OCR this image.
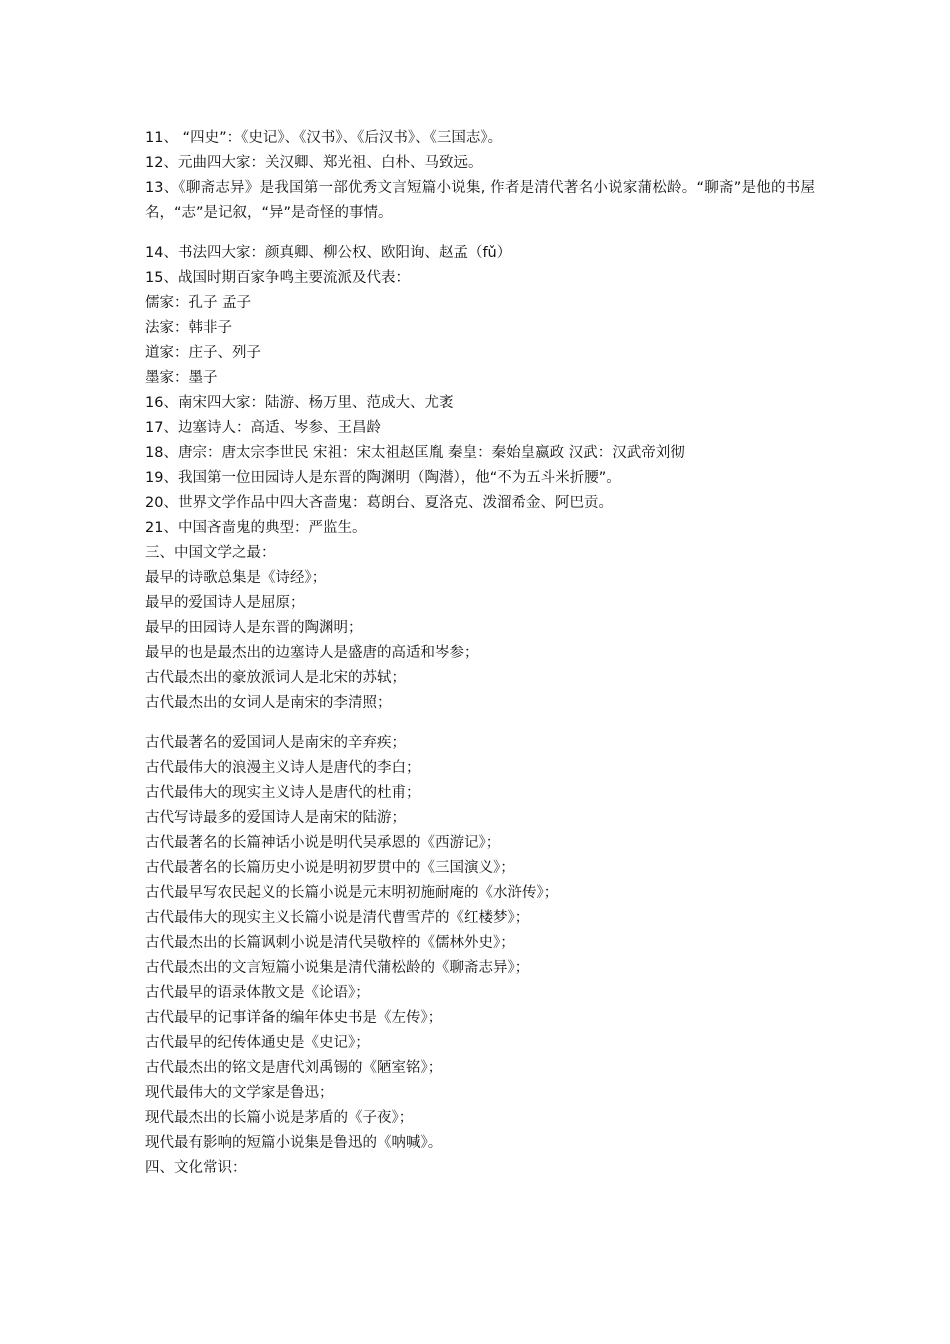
11、 “四史”：《史记》、《汉书》、《后汉书》、《三国志》。

12、元曲四大家：关汉卿、郑光祖、白朴、马致远。

13、《聊斋志异》是我国第一部优秀文言短篇小说集, 作者是清代著名小说家蒲松龄。“聊斋”是他的书屋名，“志”是记叙，“异”是奇怪的事情。

14、书法四大家：颜真卿、柳公权、欧阳询、赵孟（fǔ）

15、战国时期百家争鸣主要流派及代表：

儒家：孔子 孟子

法家：韩非子

道家：庄子、列子

墨家：墨子

16、南宋四大家：陆游、杨万里、范成大、尤袤

17、边塞诗人：高适、岑参、王昌龄

18、唐宗：唐太宗李世民 宋祖：宋太祖赵匡胤 秦皇：秦始皇嬴政 汉武：汉武帝刘彻

19、我国第一位田园诗人是东晋的陶渊明（陶潜），他“不为五斗米折腰”。

20、世界文学作品中四大吝啬鬼：葛朗台、夏洛克、泼溜希金、阿巴贡。

21、中国吝啬鬼的典型：严监生。

三、中国文学之最：

最早的诗歌总集是《诗经》；

最早的爱国诗人是屈原；

最早的田园诗人是东晋的陶渊明；

最早的也是最杰出的边塞诗人是盛唐的高适和岑参；

古代最杰出的豪放派词人是北宋的苏轼；

古代最杰出的女词人是南宋的李清照；

古代最著名的爱国词人是南宋的辛弃疾；

古代最伟大的浪漫主义诗人是唐代的李白；

古代最伟大的现实主义诗人是唐代的杜甫；

古代写诗最多的爱国诗人是南宋的陆游；

古代最著名的长篇神话小说是明代吴承恩的《西游记》；

古代最著名的长篇历史小说是明初罗贯中的《三国演义》；

古代最早写农民起义的长篇小说是元末明初施耐庵的《水浒传》；

古代最伟大的现实主义长篇小说是清代曹雪芹的《红楼梦》；

古代最杰出的长篇讽刺小说是清代吴敬梓的《儒林外史》；

古代最杰出的文言短篇小说集是清代蒲松龄的《聊斋志异》；

古代最早的语录体散文是《论语》；

古代最早的记事详备的编年体史书是《左传》；

古代最早的纪传体通史是《史记》；

古代最杰出的铭文是唐代刘禹锡的《陋室铭》；

现代最伟大的文学家是鲁迅；

现代最杰出的长篇小说是茅盾的《子夜》；

现代最有影响的短篇小说集是鲁迅的《呐喊》。

四、文化常识：
